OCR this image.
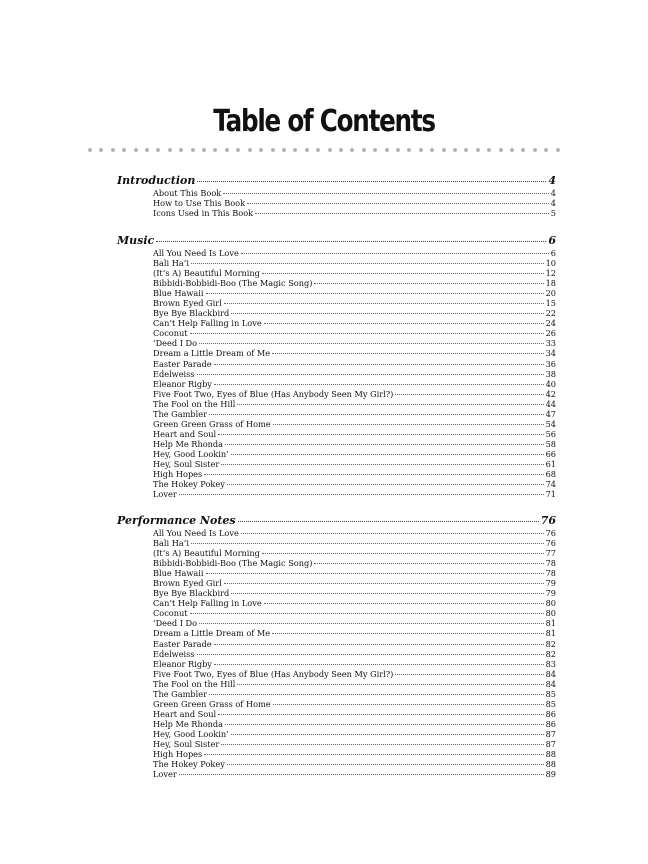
Table of Contents
Introduction	4
About This Book	4
How to Use This Book	4
Icons Used in This Book	5
Music	6
All You Need Is Love	6
Bali Ha’i	10
(It’s A) Beautiful Morning	12
Bibbidi-Bobbidi-Boo (The Magic Song)	18
Blue Hawaii	20
Brown Eyed Girl	15
Bye Bye Blackbird	22
Can’t Help Falling in Love	24
Coconut	26
’Deed I Do	33
Dream a Little Dream of Me	34
Easter Parade	36
Edelweiss	38
Eleanor Rigby	40
Five Foot Two, Eyes of Blue (Has Anybody Seen My Girl?)	42
The Fool on the Hill	44
The Gambler	47
Green Green Grass of Home	54
Heart and Soul	56
Help Me Rhonda	58
Hey, Good Lookin’	66
Hey, Soul Sister	61
High Hopes	68
The Hokey Pokey	74
Lover	71
Performance Notes	76
All You Need Is Love	76
Bali Ha’i	76
(It’s A) Beautiful Morning	77
Bibbidi-Bobbidi-Boo (The Magic Song)	78
Blue Hawaii	78
Brown Eyed Girl	79
Bye Bye Blackbird	79
Can’t Help Falling in Love	80
Coconut	80
’Deed I Do	81
Dream a Little Dream of Me	81
Easter Parade	82
Edelweiss	82
Eleanor Rigby	83
Five Foot Two, Eyes of Blue (Has Anybody Seen My Girl?)	84
The Fool on the Hill	84
The Gambler	85
Green Green Grass of Home	85
Heart and Soul	86
Help Me Rhonda	86
Hey, Good Lookin’	87
Hey, Soul Sister	87
High Hopes	88
The Hokey Pokey	88
Lover	89
